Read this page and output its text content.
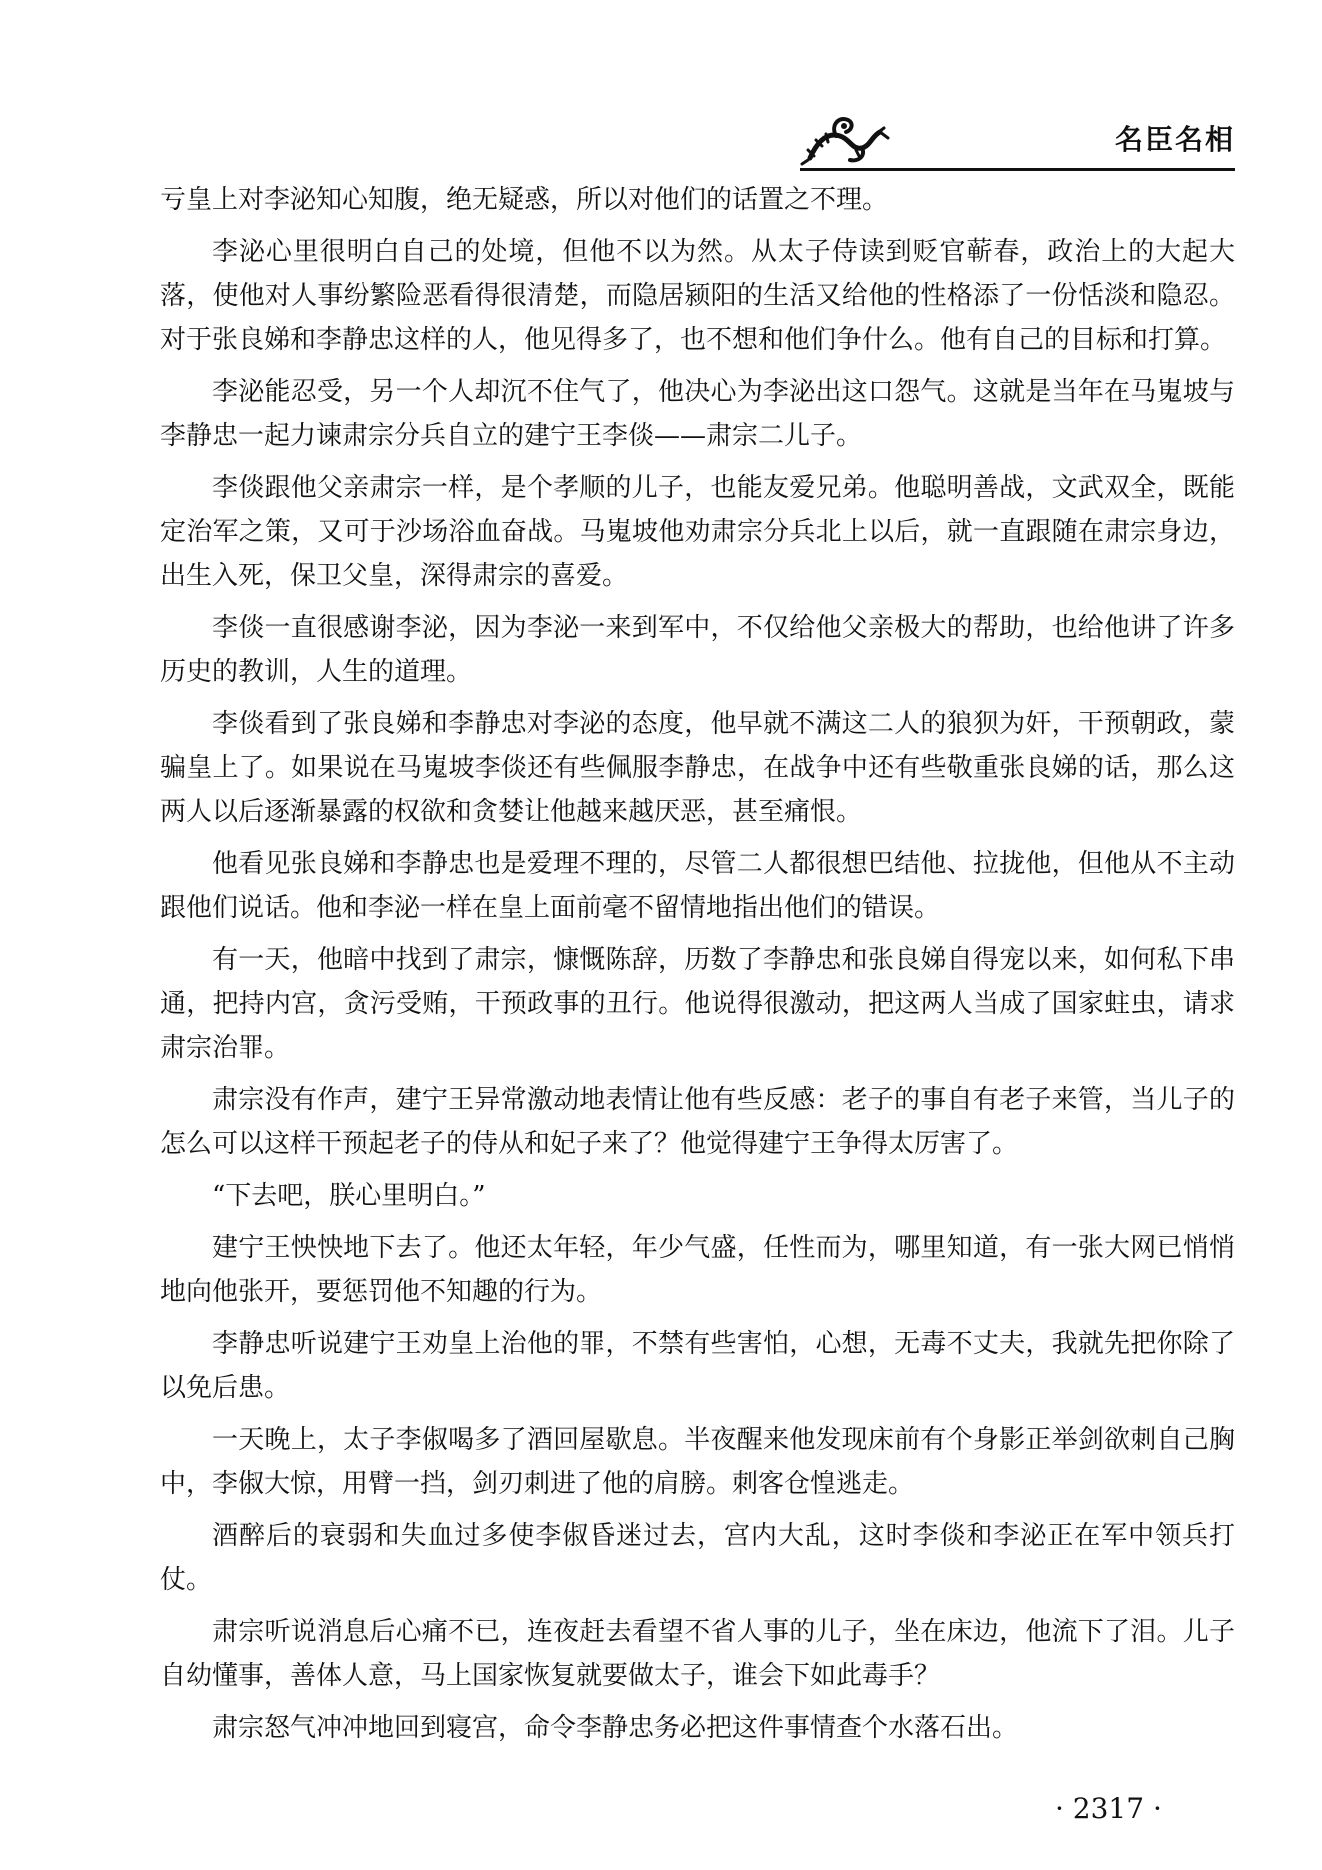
名臣名相

亏皇上对李泌知心知腹，绝无疑惑，所以对他们的话置之不理。

李泌心里很明白自己的处境，但他不以为然。从太子侍读到贬官蕲春，政治上的大起大落，使他对人事纷繁险恶看得很清楚，而隐居颍阳的生活又给他的性格添了一份恬淡和隐忍。对于张良娣和李静忠这样的人，他见得多了，也不想和他们争什么。他有自己的目标和打算。

李泌能忍受，另一个人却沉不住气了，他决心为李泌出这口怨气。这就是当年在马嵬坡与李静忠一起力谏肃宗分兵自立的建宁王李倓——肃宗二儿子。

李倓跟他父亲肃宗一样，是个孝顺的儿子，也能友爱兄弟。他聪明善战，文武双全，既能定治军之策，又可于沙场浴血奋战。马嵬坡他劝肃宗分兵北上以后，就一直跟随在肃宗身边，出生入死，保卫父皇，深得肃宗的喜爱。

李倓一直很感谢李泌，因为李泌一来到军中，不仅给他父亲极大的帮助，也给他讲了许多历史的教训，人生的道理。

李倓看到了张良娣和李静忠对李泌的态度，他早就不满这二人的狼狈为奸，干预朝政，蒙骗皇上了。如果说在马嵬坡李倓还有些佩服李静忠，在战争中还有些敬重张良娣的话，那么这两人以后逐渐暴露的权欲和贪婪让他越来越厌恶，甚至痛恨。

他看见张良娣和李静忠也是爱理不理的，尽管二人都很想巴结他、拉拢他，但他从不主动跟他们说话。他和李泌一样在皇上面前毫不留情地指出他们的错误。

有一天，他暗中找到了肃宗，慷慨陈辞，历数了李静忠和张良娣自得宠以来，如何私下串通，把持内宫，贪污受贿，干预政事的丑行。他说得很激动，把这两人当成了国家蛀虫，请求肃宗治罪。

肃宗没有作声，建宁王异常激动地表情让他有些反感：老子的事自有老子来管，当儿子的怎么可以这样干预起老子的侍从和妃子来了？他觉得建宁王争得太厉害了。

“下去吧，朕心里明白。”

建宁王怏怏地下去了。他还太年轻，年少气盛，任性而为，哪里知道，有一张大网已悄悄地向他张开，要惩罚他不知趣的行为。

李静忠听说建宁王劝皇上治他的罪，不禁有些害怕，心想，无毒不丈夫，我就先把你除了以免后患。

一天晚上，太子李俶喝多了酒回屋歇息。半夜醒来他发现床前有个身影正举剑欲刺自己胸中，李俶大惊，用臂一挡，剑刃刺进了他的肩膀。刺客仓惶逃走。

酒醉后的衰弱和失血过多使李俶昏迷过去，宫内大乱，这时李倓和李泌正在军中领兵打仗。

肃宗听说消息后心痛不已，连夜赶去看望不省人事的儿子，坐在床边，他流下了泪。儿子自幼懂事，善体人意，马上国家恢复就要做太子，谁会下如此毒手？

肃宗怒气冲冲地回到寝宫，命令李静忠务必把这件事情查个水落石出。

· 2317 ·
